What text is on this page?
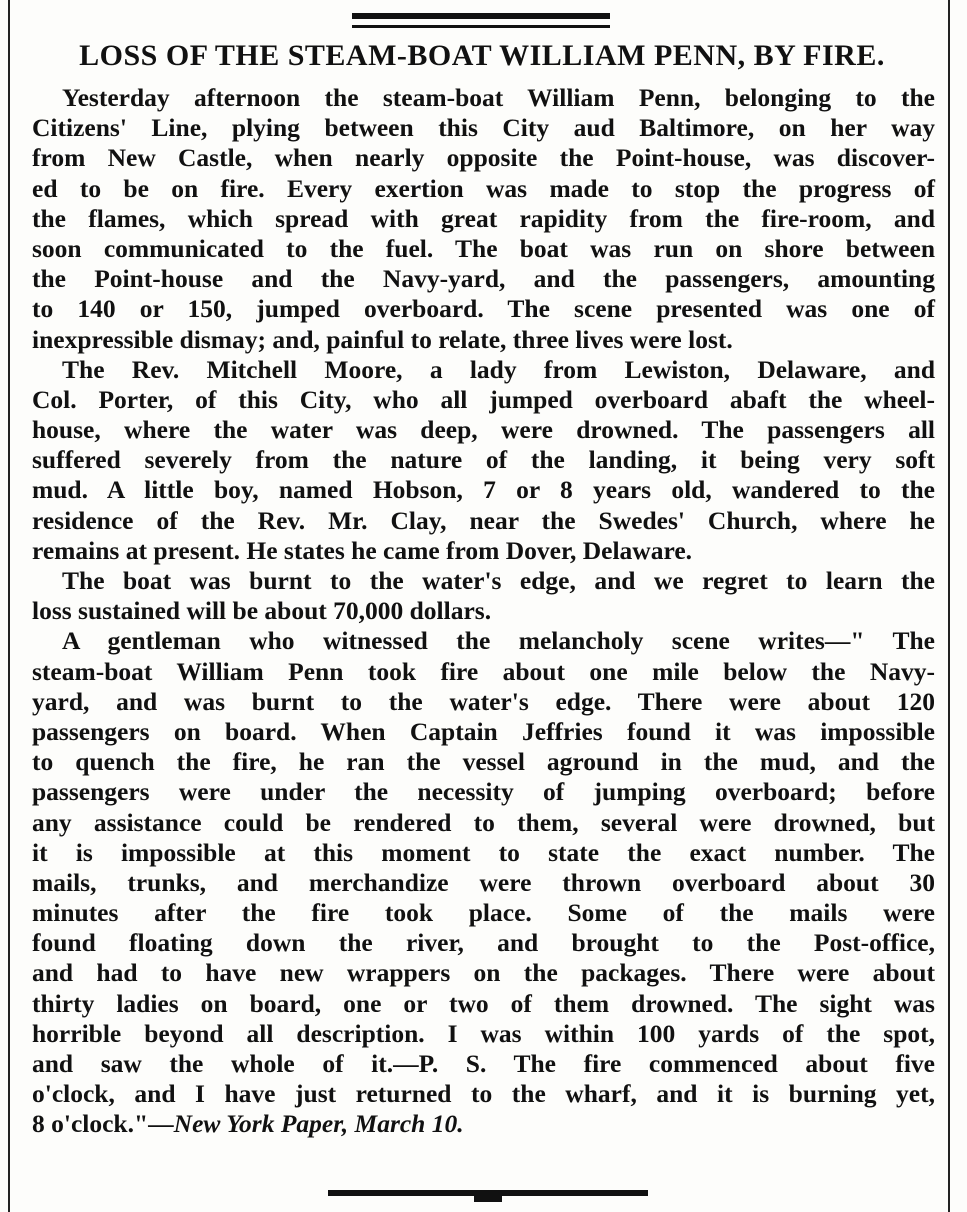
LOSS OF THE STEAM-BOAT WILLIAM PENN, BY FIRE.
Yesterday afternoon the steam-boat William Penn, belonging to the
Citizens' Line, plying between this City aud Baltimore, on her way
from New Castle, when nearly opposite the Point-house, was discover-
ed to be on fire. Every exertion was made to stop the progress of
the flames, which spread with great rapidity from the fire-room, and
soon communicated to the fuel. The boat was run on shore between
the Point-house and the Navy-yard, and the passengers, amounting
to 140 or 150, jumped overboard. The scene presented was one of
inexpressible dismay; and, painful to relate, three lives were lost.
The Rev. Mitchell Moore, a lady from Lewiston, Delaware, and
Col. Porter, of this City, who all jumped overboard abaft the wheel-
house, where the water was deep, were drowned. The passengers all
suffered severely from the nature of the landing, it being very soft
mud. A little boy, named Hobson, 7 or 8 years old, wandered to the
residence of the Rev. Mr. Clay, near the Swedes' Church, where he
remains at present. He states he came from Dover, Delaware.
The boat was burnt to the water's edge, and we regret to learn the
loss sustained will be about 70,000 dollars.
A gentleman who witnessed the melancholy scene writes—" The
steam-boat William Penn took fire about one mile below the Navy-
yard, and was burnt to the water's edge. There were about 120
passengers on board. When Captain Jeffries found it was impossible
to quench the fire, he ran the vessel aground in the mud, and the
passengers were under the necessity of jumping overboard; before
any assistance could be rendered to them, several were drowned, but
it is impossible at this moment to state the exact number. The
mails, trunks, and merchandize were thrown overboard about 30
minutes after the fire took place. Some of the mails were
found floating down the river, and brought to the Post-office,
and had to have new wrappers on the packages. There were about
thirty ladies on board, one or two of them drowned. The sight was
horrible beyond all description. I was within 100 yards of the spot,
and saw the whole of it.—P. S. The fire commenced about five
o'clock, and I have just returned to the wharf, and it is burning yet,
8 o'clock."—New York Paper, March 10.
